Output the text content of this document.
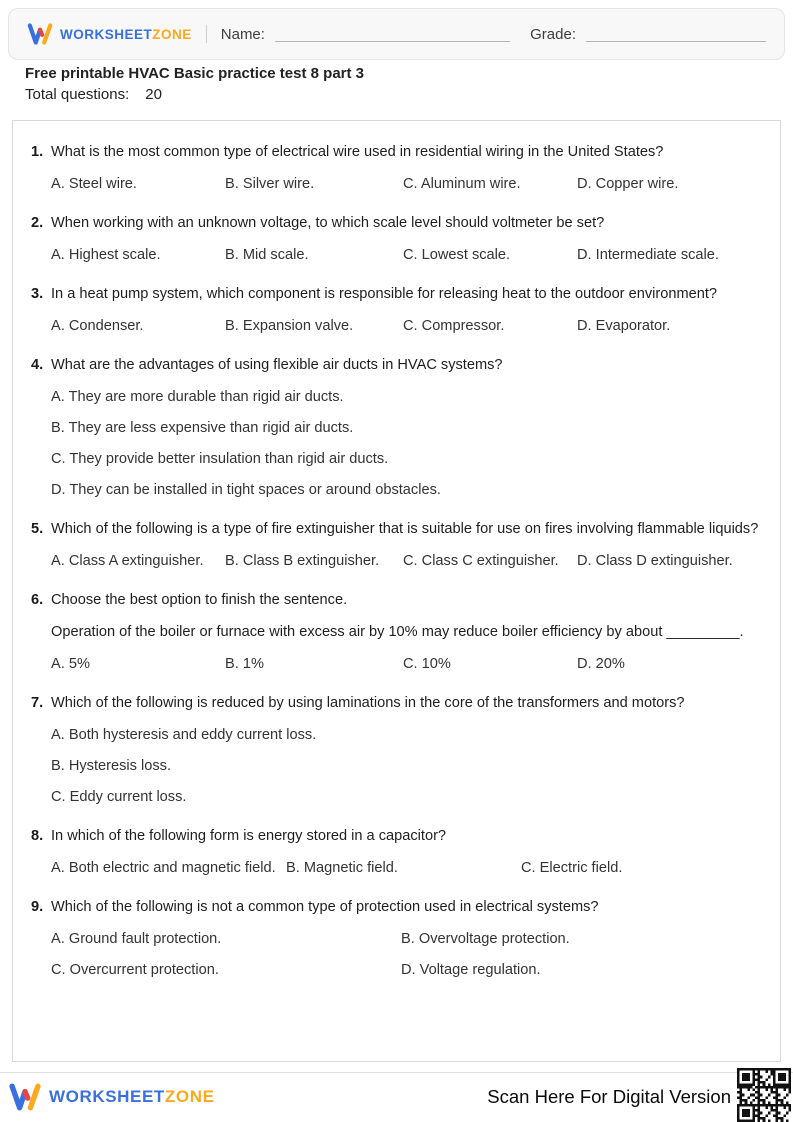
WORKSHEETZONE Name:	Grade:
Free printable HVAC Basic practice test 8 part 3
Total questions: 20
1. What is the most common type of electrical wire used in residential wiring in the United States?
A. Steel wire.	B. Silver wire.	C. Aluminum wire.	D. Copper wire.
2. When working with an unknown voltage, to which scale level should voltmeter be set?
A. Highest scale.	B. Mid scale.	C. Lowest scale.	D. Intermediate scale.
3. In a heat pump system, which component is responsible for releasing heat to the outdoor environment?
A. Condenser.	B. Expansion valve.	C. Compressor.	D. Evaporator.
4. What are the advantages of using flexible air ducts in HVAC systems?
A. They are more durable than rigid air ducts.
B. They are less expensive than rigid air ducts.
C. They provide better insulation than rigid air ducts.
D. They can be installed in tight spaces or around obstacles.
5. Which of the following is a type of fire extinguisher that is suitable for use on fires involving flammable liquids?
A. Class A extinguisher.	B. Class B extinguisher.	C. Class C extinguisher.	D. Class D extinguisher.
6. Choose the best option to finish the sentence.
Operation of the boiler or furnace with excess air by 10% may reduce boiler efficiency by about _________.
A. 5%	B. 1%	C. 10%	D. 20%
7. Which of the following is reduced by using laminations in the core of the transformers and motors?
A. Both hysteresis and eddy current loss.
B. Hysteresis loss.
C. Eddy current loss.
8. In which of the following form is energy stored in a capacitor?
A. Both electric and magnetic field. B. Magnetic field.	C. Electric field.
9. Which of the following is not a common type of protection used in electrical systems?
A. Ground fault protection.	B. Overvoltage protection.
C. Overcurrent protection.	D. Voltage regulation.
WORKSHEETZONE	Scan Here For Digital Version
